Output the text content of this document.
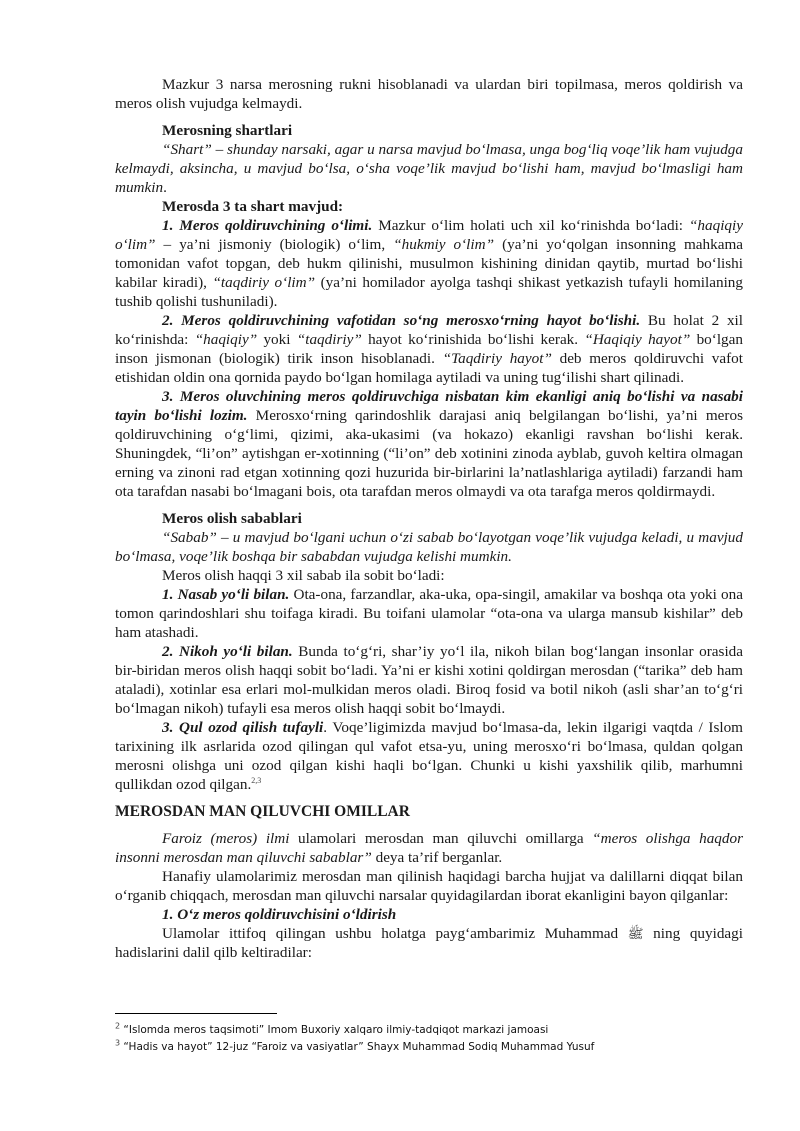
Mazkur 3 narsa merosning rukni hisoblanadi va ulardan biri topilmasa, meros qoldirish va meros olish vujudga kelmaydi.

Merosning shartlari

“Shart” – shunday narsaki, agar u narsa mavjud boʻlmasa, unga bogʻliq voqe’lik ham vujudga kelmaydi, aksincha, u mavjud boʻlsa, oʻsha voqe’lik mavjud boʻlishi ham, mavjud boʻlmasligi ham mumkin.

Merosda 3 ta shart mavjud:

1. Meros qoldiruvchining oʻlimi. Mazkur oʻlim holati uch xil koʻrinishda boʻladi: “haqiqiy oʻlim” – ya’ni jismoniy (biologik) oʻlim, “hukmiy oʻlim” (ya’ni yoʻqolgan insonning mahkama tomonidan vafot topgan, deb hukm qilinishi, musulmon kishining dinidan qaytib, murtad boʻlishi kabilar kiradi), “taqdiriy oʻlim” (ya’ni homilador ayolga tashqi shikast yetkazish tufayli homilaning tushib qolishi tushuniladi).

2. Meros qoldiruvchining vafotidan soʻng merosxoʻrning hayot boʻlishi. Bu holat 2 xil koʻrinishda: “haqiqiy” yoki “taqdiriy” hayot koʻrinishida boʻlishi kerak. “Haqiqiy hayot” boʻlgan inson jismonan (biologik) tirik inson hisoblanadi. “Taqdiriy hayot” deb meros qoldiruvchi vafot etishidan oldin ona qornida paydo boʻlgan homilaga aytiladi va uning tugʻilishi shart qilinadi.

3. Meros oluvchining meros qoldiruvchiga nisbatan kim ekanligi aniq boʻlishi va nasabi tayin boʻlishi lozim. Merosxoʻrning qarindoshlik darajasi aniq belgilangan boʻlishi, ya’ni meros qoldiruvchining oʻgʻlimi, qizimi, aka-ukasimi (va hokazo) ekanligi ravshan boʻlishi kerak. Shuningdek, “li’on” aytishgan er-xotinning (“li’on” deb xotinini zinoda ayblab, guvoh keltira olmagan erning va zinoni rad etgan xotinning qozi huzurida bir-birlarini la’natlashlariga aytiladi) farzandi ham ota tarafdan nasabi boʻlmagani bois, ota tarafdan meros olmaydi va ota tarafga meros qoldirmaydi.

Meros olish sabablari

“Sabab” – u mavjud boʻlgani uchun oʻzi sabab boʻlayotgan voqe’lik vujudga keladi, u mavjud boʻlmasa, voqe’lik boshqa bir sababdan vujudga kelishi mumkin.

Meros olish haqqi 3 xil sabab ila sobit boʻladi:

1. Nasab yoʻli bilan. Ota-ona, farzandlar, aka-uka, opa-singil, amakilar va boshqa ota yoki ona tomon qarindoshlari shu toifaga kiradi. Bu toifani ulamolar “ota-ona va ularga mansub kishilar” deb ham atashadi.

2. Nikoh yoʻli bilan. Bunda toʻgʻri, shar’iy yoʻl ila, nikoh bilan bogʻlangan insonlar orasida bir-biridan meros olish haqqi sobit boʻladi. Ya’ni er kishi xotini qoldirgan merosdan (“tarika” deb ham ataladi), xotinlar esa erlari mol-mulkidan meros oladi. Biroq fosid va botil nikoh (asli shar’an toʻgʻri boʻlmagan nikoh) tufayli esa meros olish haqqi sobit boʻlmaydi.

3. Qul ozod qilish tufayli. Voqe’ligimizda mavjud boʻlmasa-da, lekin ilgarigi vaqtda / Islom tarixining ilk asrlarida ozod qilingan qul vafot etsa-yu, uning merosxoʻri boʻlmasa, quldan qolgan merosni olishga uni ozod qilgan kishi haqli boʻlgan. Chunki u kishi yaxshilik qilib, marhumni qullikdan ozod qilgan.$^{2,3}$

MEROSDAN MAN QILUVCHI OMILLAR

Faroiz (meros) ilmi ulamolari merosdan man qiluvchi omillarga “meros olishga haqdor insonni merosdan man qiluvchi sabablar” deya ta’rif berganlar.

Hanafiy ulamolarimiz merosdan man qilinish haqidagi barcha hujjat va dalillarni diqqat bilan oʻrganib chiqqach, merosdan man qiluvchi narsalar quyidagilardan iborat ekanligini bayon qilganlar:

1. Oʻz meros qoldiruvchisini oʻldirish

Ulamolar ittifoq qilingan ushbu holatga paygʻambarimiz Muhammad ﷺ ning quyidagi hadislarini dalil qilb keltiradilar:

$^2$ “Islomda meros taqsimoti” Imom Buxoriy xalqaro ilmiy-tadqiqot markazi jamoasi
$^3$ “Hadis va hayot” 12-juz “Faroiz va vasiyatlar” Shayx Muhammad Sodiq Muhammad Yusuf
